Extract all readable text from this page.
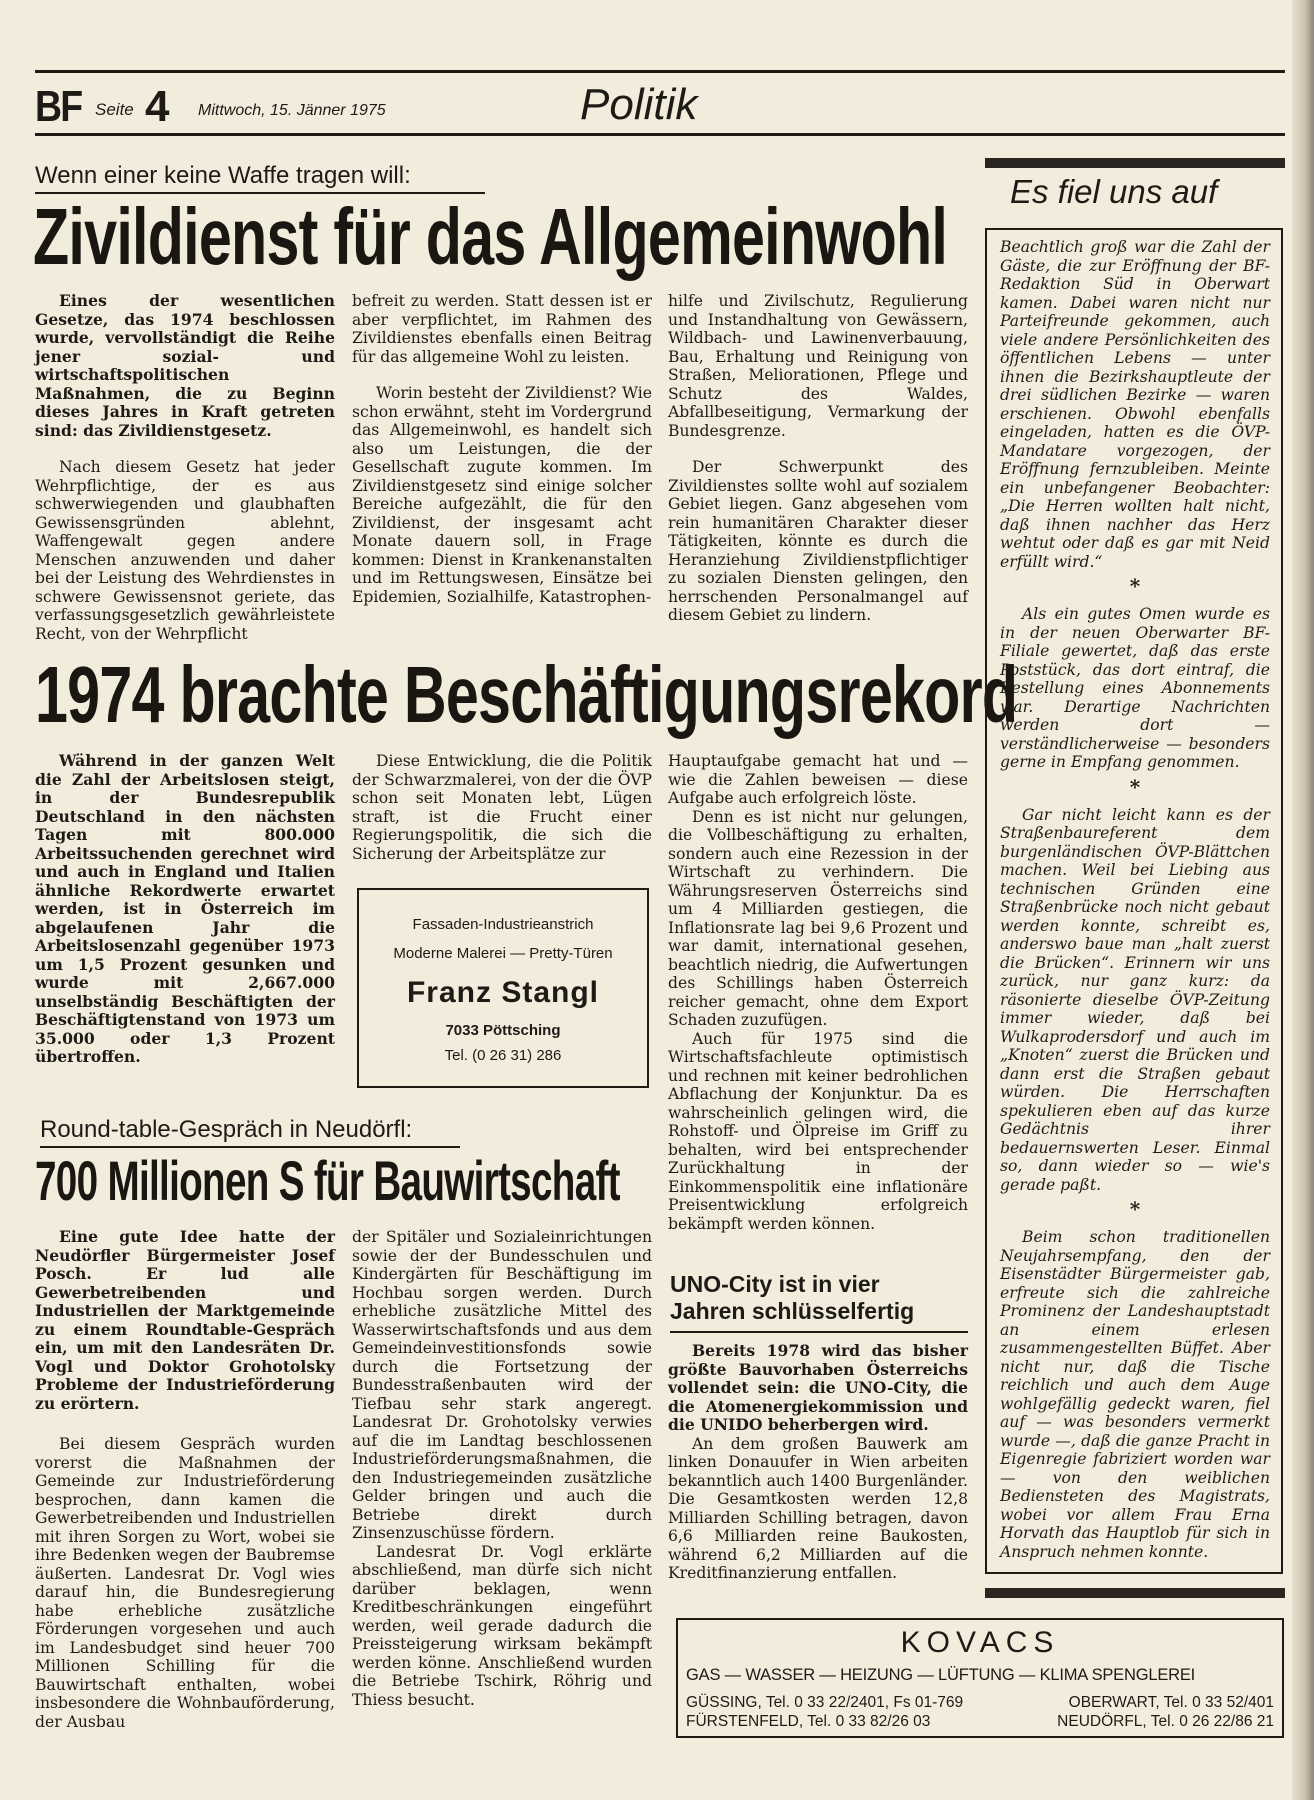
BF Seite 4 Mittwoch, 15. Jänner 1975	Politik
Wenn einer keine Waffe tragen will:
Zivildienst für das Allgemeinwohl

Eines der wesentlichen Gesetze, das 1974 beschlossen wurde, vervollständigt die Reihe jener sozial- und wirtschaftspolitischen Maßnahmen, die zu Beginn dieses Jahres in Kraft getreten sind: das Zivildienstgesetz.

Nach diesem Gesetz hat jeder Wehrpflichtige, der es aus schwerwiegenden und glaubhaften Gewissensgründen ablehnt, Waffengewalt gegen andere Menschen anzuwenden und daher bei der Leistung des Wehrdienstes in schwere Gewissensnot geriete, das verfassungsgesetzlich gewährleistete Recht, von der Wehrpflicht

befreit zu werden. Statt dessen ist er aber verpflichtet, im Rahmen des Zivildienstes ebenfalls einen Beitrag für das allgemeine Wohl zu leisten.

Worin besteht der Zivildienst? Wie schon erwähnt, steht im Vordergrund das Allgemeinwohl, es handelt sich also um Leistungen, die der Gesellschaft zugute kommen. Im Zivildienstgesetz sind einige solcher Bereiche aufgezählt, die für den Zivildienst, der insgesamt acht Monate dauern soll, in Frage kommen: Dienst in Krankenanstalten und im Rettungswesen, Einsätze bei Epidemien, Sozialhilfe, Katastrophen-

hilfe und Zivilschutz, Regulierung und Instandhaltung von Gewässern, Wildbach- und Lawinenverbauung, Bau, Erhaltung und Reinigung von Straßen, Meliorationen, Pflege und Schutz des Waldes, Abfallbeseitigung, Vermarkung der Bundesgrenze.

Der Schwerpunkt des Zivildienstes sollte wohl auf sozialem Gebiet liegen. Ganz abgesehen vom rein humanitären Charakter dieser Tätigkeiten, könnte es durch die Heranziehung Zivildienstpflichtiger zu sozialen Diensten gelingen, den herrschenden Personalmangel auf diesem Gebiet zu lindern.

1974 brachte Beschäftigungsrekord

Während in der ganzen Welt die Zahl der Arbeitslosen steigt, in der Bundesrepublik Deutschland in den nächsten Tagen mit 800.000 Arbeitssuchenden gerechnet wird und auch in England und Italien ähnliche Rekordwerte erwartet werden, ist in Österreich im abgelaufenen Jahr die Arbeitslosenzahl gegenüber 1973 um 1,5 Prozent gesunken und wurde mit 2,667.000 unselbständig Beschäftigten der Beschäftigtenstand von 1973 um 35.000 oder 1,3 Prozent übertroffen.

Diese Entwicklung, die die Politik der Schwarzmalerei, von der die ÖVP schon seit Monaten lebt, Lügen straft, ist die Frucht einer Regierungspolitik, die sich die Sicherung der Arbeitsplätze zur

Hauptaufgabe gemacht hat und — wie die Zahlen beweisen — diese Aufgabe auch erfolgreich löste.

Denn es ist nicht nur gelungen, die Vollbeschäftigung zu erhalten, sondern auch eine Rezession in der Wirtschaft zu verhindern. Die Währungsreserven Österreichs sind um 4 Milliarden gestiegen, die Inflationsrate lag bei 9,6 Prozent und war damit, international gesehen, beachtlich niedrig, die Aufwertungen des Schillings haben Österreich reicher gemacht, ohne dem Export Schaden zuzufügen.

Auch für 1975 sind die Wirtschaftsfachleute optimistisch und rechnen mit keiner bedrohlichen Abflachung der Konjunktur. Da es wahrscheinlich gelingen wird, die Rohstoff- und Ölpreise im Griff zu behalten, wird bei entsprechender Zurückhaltung in der Einkommenspolitik eine inflationäre Preisentwicklung erfolgreich bekämpft werden können.

Fassaden-Industrieanstrich
Moderne Malerei — Pretty-Türen
Franz Stangl
7033 Pöttsching
Tel. (0 26 31) 286
Round-table-Gespräch in Neudörfl:
700 Millionen S für Bauwirtschaft

Eine gute Idee hatte der Neudörfler Bürgermeister Josef Posch. Er lud alle Gewerbetreibenden und Industriellen der Marktgemeinde zu einem Roundtable-Gespräch ein, um mit den Landesräten Dr. Vogl und Doktor Grohotolsky Probleme der Industrieförderung zu erörtern.

Bei diesem Gespräch wurden vorerst die Maßnahmen der Gemeinde zur Industrieförderung besprochen, dann kamen die Gewerbetreibenden und Industriellen mit ihren Sorgen zu Wort, wobei sie ihre Bedenken wegen der Baubremse äußerten. Landesrat Dr. Vogl wies darauf hin, die Bundesregierung habe erhebliche zusätzliche Förderungen vorgesehen und auch im Landesbudget sind heuer 700 Millionen Schilling für die Bauwirtschaft enthalten, wobei insbesondere die Wohnbauförderung, der Ausbau

der Spitäler und Sozialeinrichtungen sowie der der Bundesschulen und Kindergärten für Beschäftigung im Hochbau sorgen werden. Durch erhebliche zusätzliche Mittel des Wasserwirtschaftsfonds und aus dem Gemeindeinvestitionsfonds sowie durch die Fortsetzung der Bundesstraßenbauten wird der Tiefbau sehr stark angeregt. Landesrat Dr. Grohotolsky verwies auf die im Landtag beschlossenen Industrieförderungsmaßnahmen, die den Industriegemeinden zusätzliche Gelder bringen und auch die Betriebe direkt durch Zinsenzuschüsse fördern.

Landesrat Dr. Vogl erklärte abschließend, man dürfe sich nicht darüber beklagen, wenn Kreditbeschränkungen eingeführt werden, weil gerade dadurch die Preissteigerung wirksam bekämpft werden könne. Anschließend wurden die Betriebe Tschirk, Röhrig und Thiess besucht.

UNO-City ist in vier Jahren schlüsselfertig

Bereits 1978 wird das bisher größte Bauvorhaben Österreichs vollendet sein: die UNO-City, die die Atomenergiekommission und die UNIDO beherbergen wird.

An dem großen Bauwerk am linken Donauufer in Wien arbeiten bekanntlich auch 1400 Burgenländer. Die Gesamtkosten werden 12,8 Milliarden Schilling betragen, davon 6,6 Milliarden reine Baukosten, während 6,2 Milliarden auf die Kreditfinanzierung entfallen.

Es fiel uns auf

Beachtlich groß war die Zahl der Gäste, die zur Eröffnung der BF-Redaktion Süd in Oberwart kamen. Dabei waren nicht nur Parteifreunde gekommen, auch viele andere Persönlichkeiten des öffentlichen Lebens — unter ihnen die Bezirkshauptleute der drei südlichen Bezirke — waren erschienen. Obwohl ebenfalls eingeladen, hatten es die ÖVP-Mandatare vorgezogen, der Eröffnung fernzubleiben. Meinte ein unbefangener Beobachter: „Die Herren wollten halt nicht, daß ihnen nachher das Herz wehtut oder daß es gar mit Neid erfüllt wird.“

*

Als ein gutes Omen wurde es in der neuen Oberwarter BF-Filiale gewertet, daß das erste Poststück, das dort eintraf, die Bestellung eines Abonnements war. Derartige Nachrichten werden dort — verständlicherweise — besonders gerne in Empfang genommen.

*

Gar nicht leicht kann es der Straßenbaureferent dem burgenländischen ÖVP-Blättchen machen. Weil bei Liebing aus technischen Gründen eine Straßenbrücke noch nicht gebaut werden konnte, schreibt es, anderswo baue man „halt zuerst die Brücken“. Erinnern wir uns zurück, nur ganz kurz: da räsonierte dieselbe ÖVP-Zeitung immer wieder, daß bei Wulkaprodersdorf und auch im „Knoten“ zuerst die Brücken und dann erst die Straßen gebaut würden. Die Herrschaften spekulieren eben auf das kurze Gedächtnis ihrer bedauernswerten Leser. Einmal so, dann wieder so — wie's gerade paßt.

*

Beim schon traditionellen Neujahrsempfang, den der Eisenstädter Bürgermeister gab, erfreute sich die zahlreiche Prominenz der Landeshauptstadt an einem erlesen zusammengestellten Büffet. Aber nicht nur, daß die Tische reichlich und auch dem Auge wohlgefällig gedeckt waren, fiel auf — was besonders vermerkt wurde —, daß die ganze Pracht in Eigenregie fabriziert worden war — von den weiblichen Bediensteten des Magistrats, wobei vor allem Frau Erna Horvath das Hauptlob für sich in Anspruch nehmen konnte.

KOVACS
GAS — WASSER — HEIZUNG — LÜFTUNG — KLIMA SPENGLEREI
GÜSSING, Tel. 0 33 22/2401, Fs 01-769	OBERWART, Tel. 0 33 52/401
FÜRSTENFELD, Tel. 0 33 82/26 03	NEUDÖRFL, Tel. 0 26 22/86 21
